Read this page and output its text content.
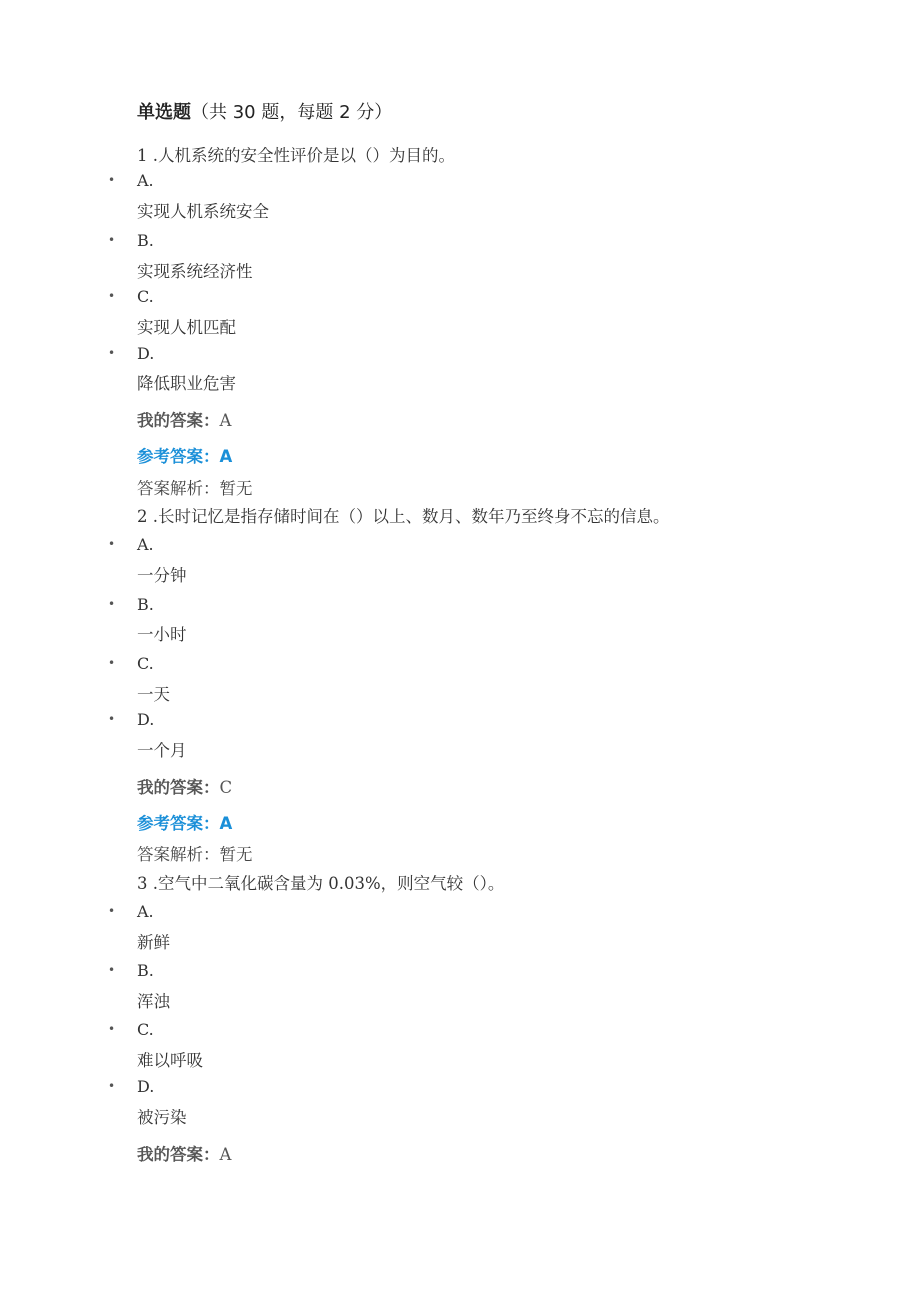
单选题（共 30 题，每题 2 分）
1 .人机系统的安全性评价是以（）为目的。
• A.
实现人机系统安全
• B.
实现系统经济性
• C.
实现人机匹配
• D.
降低职业危害
我的答案：A
参考答案：A
答案解析：暂无
2 .长时记忆是指存储时间在（）以上、数月、数年乃至终身不忘的信息。
• A.
一分钟
• B.
一小时
• C.
一天
• D.
一个月
我的答案：C
参考答案：A
答案解析：暂无
3 .空气中二氧化碳含量为 0.03%，则空气较（）。
• A.
新鲜
• B.
浑浊
• C.
难以呼吸
• D.
被污染
我的答案：A
